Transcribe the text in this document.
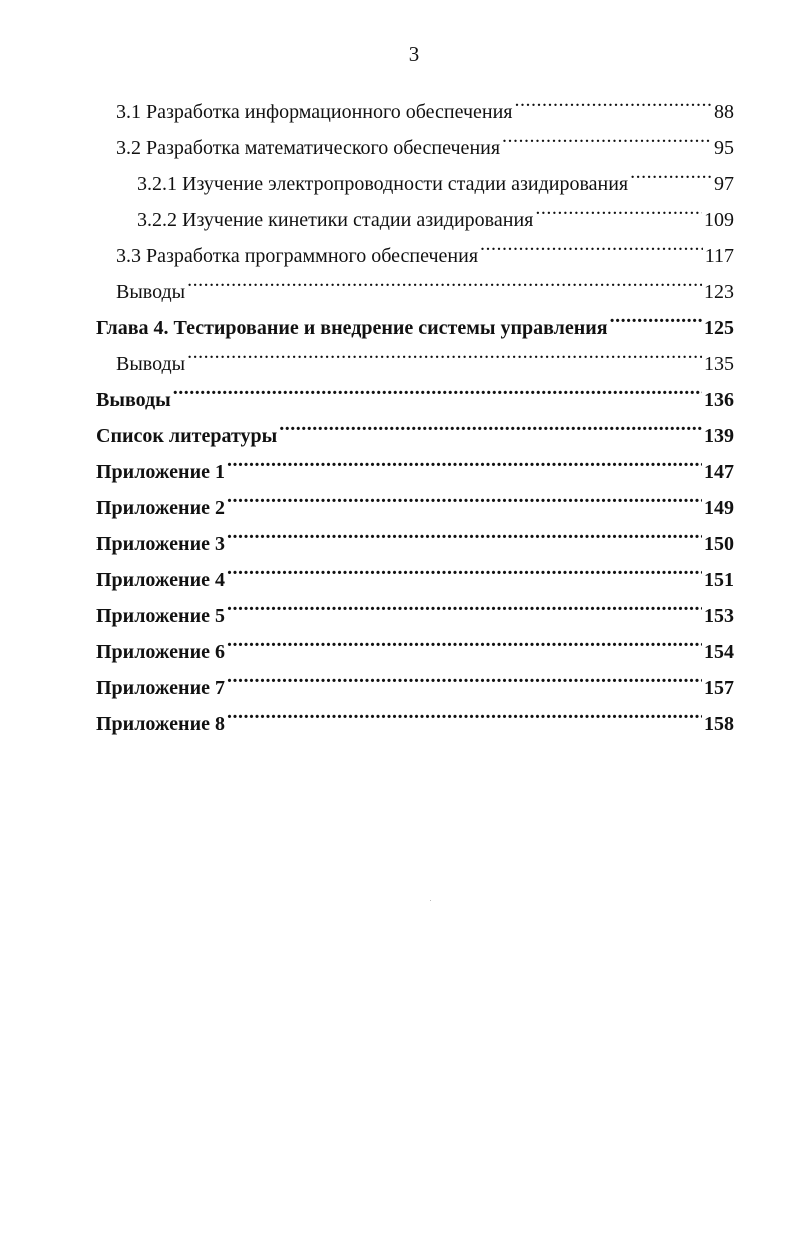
3
3.1 Разработка информационного обеспечения .....	88
3.2 Разработка математического обеспечения .....	95
3.2.1 Изучение электропроводности стадии азидирования .....	97
3.2.2 Изучение кинетики стадии азидирования .....	109
3.3 Разработка программного обеспечения .....	117
Выводы .....	123
Глава 4. Тестирование и внедрение системы управления .....	125
Выводы .....	135
Выводы .....	136
Список литературы .....	139
Приложение 1 .....	147
Приложение 2 .....	149
Приложение 3 .....	150
Приложение 4 .....	151
Приложение 5 .....	153
Приложение 6 .....	154
Приложение 7 .....	157
Приложение 8 .....	158
